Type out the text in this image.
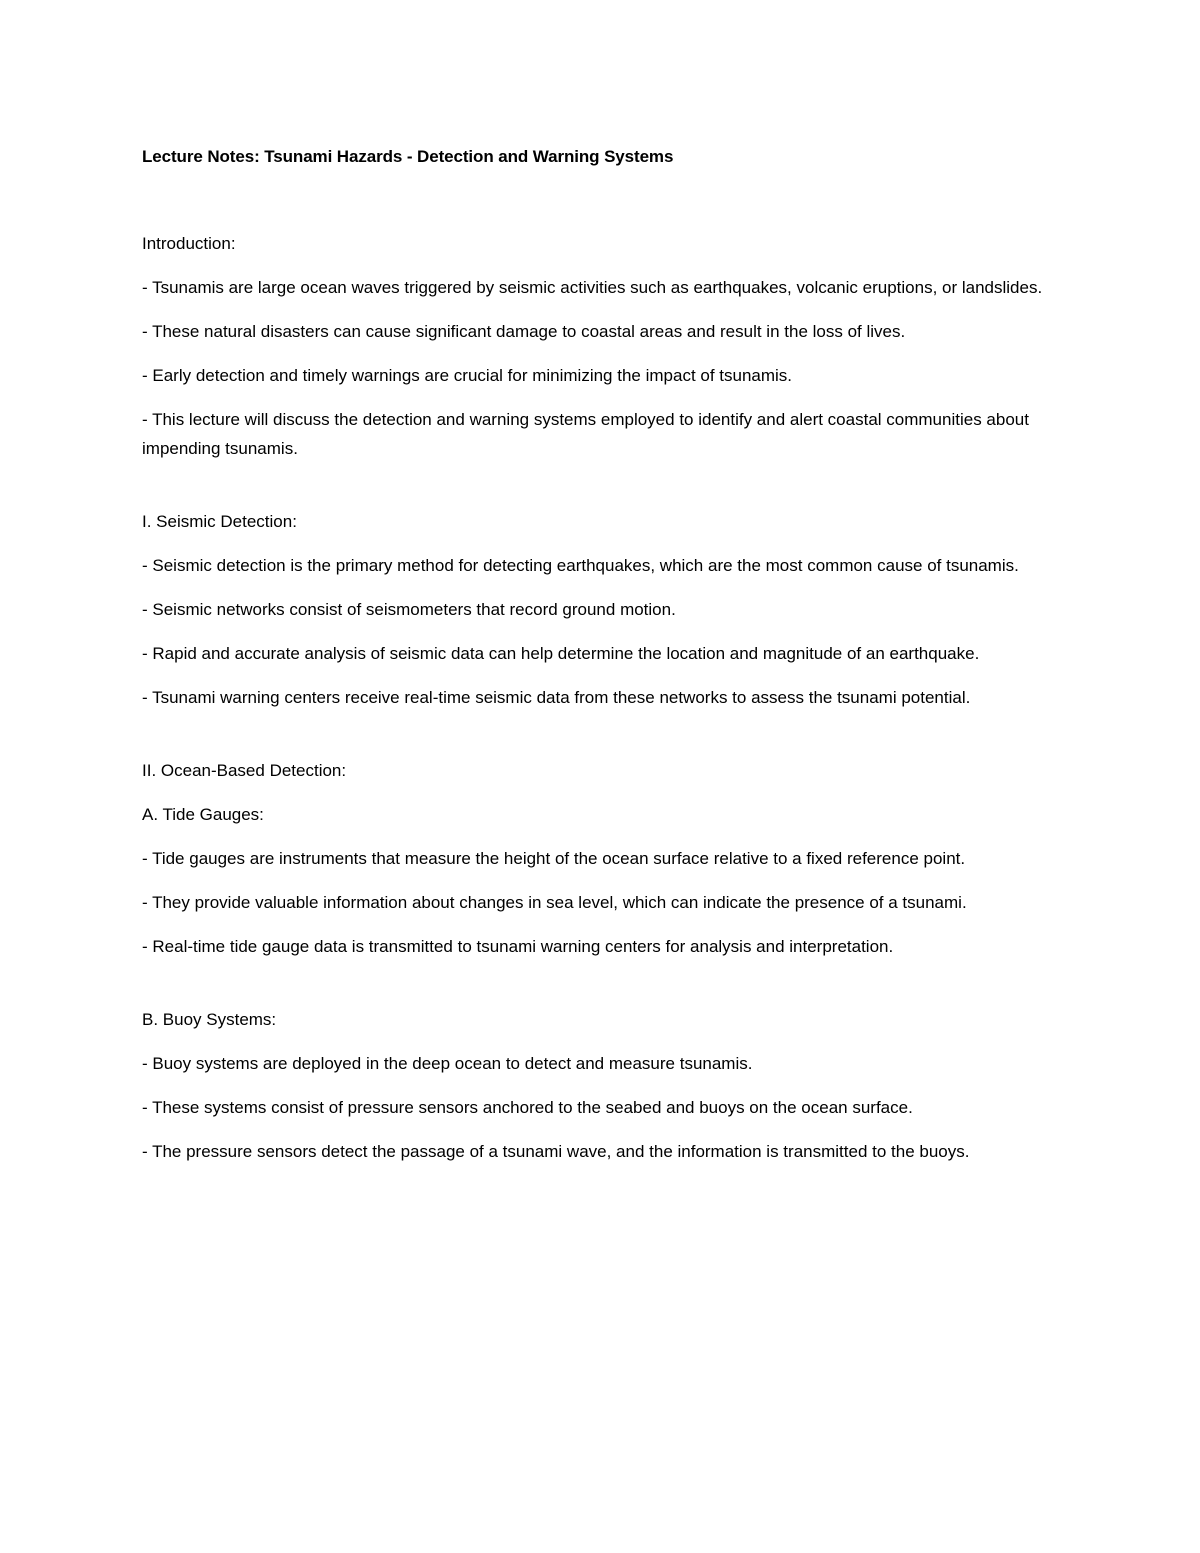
Lecture Notes: Tsunami Hazards - Detection and Warning Systems

Introduction:

- Tsunamis are large ocean waves triggered by seismic activities such as earthquakes, volcanic eruptions, or landslides.

- These natural disasters can cause significant damage to coastal areas and result in the loss of lives.

- Early detection and timely warnings are crucial for minimizing the impact of tsunamis.

- This lecture will discuss the detection and warning systems employed to identify and alert coastal communities about impending tsunamis.

I. Seismic Detection:

- Seismic detection is the primary method for detecting earthquakes, which are the most common cause of tsunamis.

- Seismic networks consist of seismometers that record ground motion.

- Rapid and accurate analysis of seismic data can help determine the location and magnitude of an earthquake.

- Tsunami warning centers receive real-time seismic data from these networks to assess the tsunami potential.

II. Ocean-Based Detection:

A. Tide Gauges:

- Tide gauges are instruments that measure the height of the ocean surface relative to a fixed reference point.

- They provide valuable information about changes in sea level, which can indicate the presence of a tsunami.

- Real-time tide gauge data is transmitted to tsunami warning centers for analysis and interpretation.

B. Buoy Systems:

- Buoy systems are deployed in the deep ocean to detect and measure tsunamis.

- These systems consist of pressure sensors anchored to the seabed and buoys on the ocean surface.

- The pressure sensors detect the passage of a tsunami wave, and the information is transmitted to the buoys.
